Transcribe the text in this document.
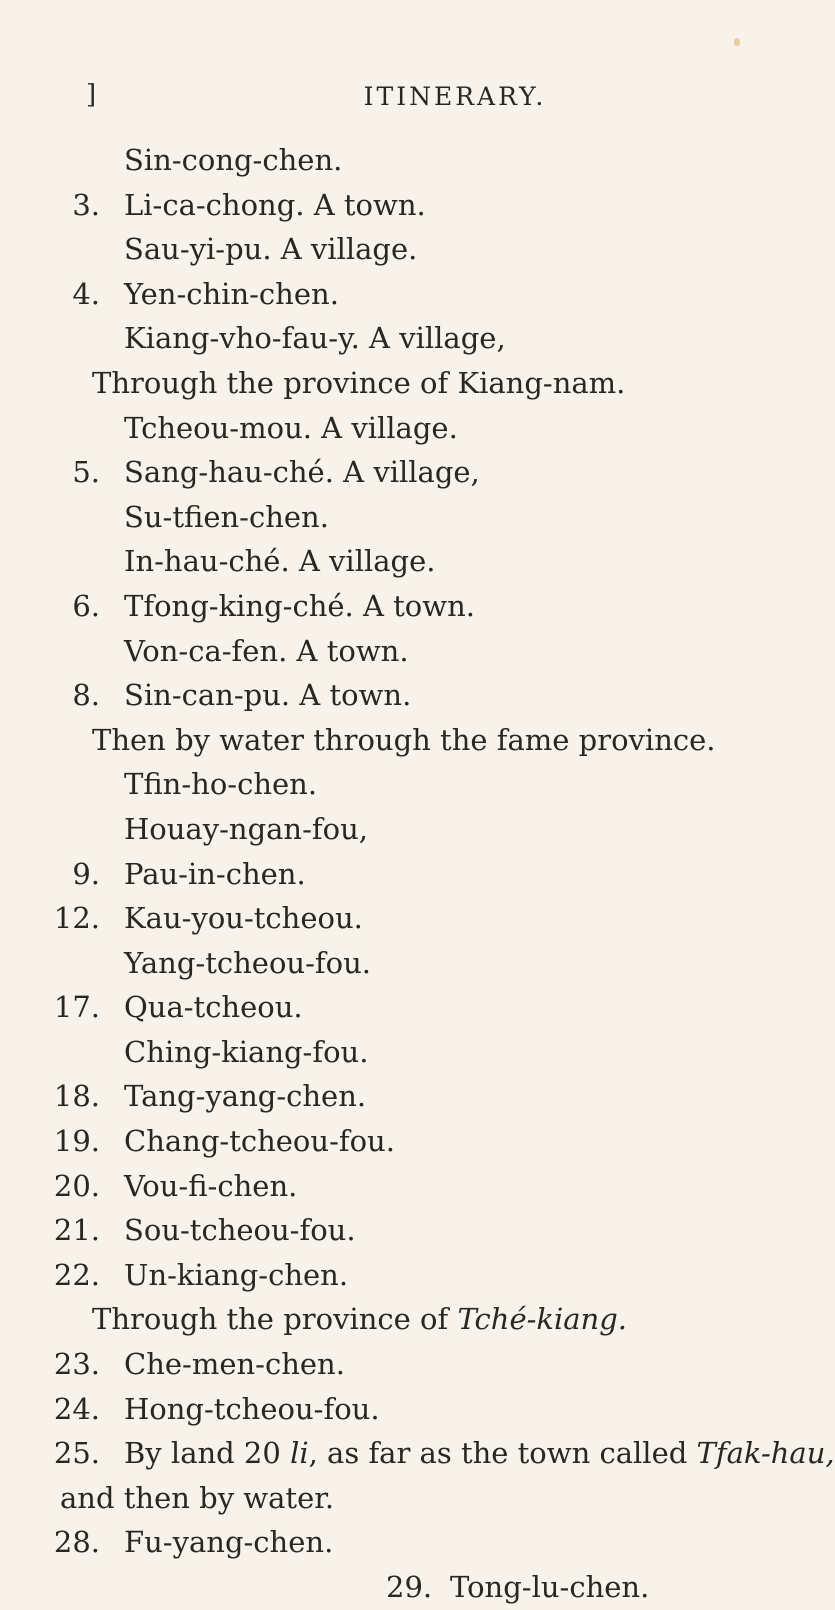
]	ITINERARY.
Sin-cong-chen.
3. Li-ca-chong. A town.
Sau-yi-pu. A village.
4. Yen-chin-chen.
Kiang-vho-fau-y. A village,
Through the province of Kiang-nam.
Tcheou-mou. A village.
5. Sang-hau-ché. A village,
Su-tfien-chen.
In-hau-ché. A village.
6. Tfong-king-ché. A town.
Von-ca-fen. A town.
8. Sin-can-pu. A town.
Then by water through the fame province.
Tfin-ho-chen.
Houay-ngan-fou,
9. Pau-in-chen.
12. Kau-you-tcheou.
Yang-tcheou-fou.
17. Qua-tcheou.
Ching-kiang-fou.
18. Tang-yang-chen.
19. Chang-tcheou-fou.
20. Vou-fi-chen.
21. Sou-tcheou-fou.
22. Un-kiang-chen.
Through the province of Tché-kiang.
23. Che-men-chen.
24. Hong-tcheou-fou.
25. By land 20 li, as far as the town called Tfak-hau,
and then by water.
28. Fu-yang-chen.
29. Tong-lu-chen.
